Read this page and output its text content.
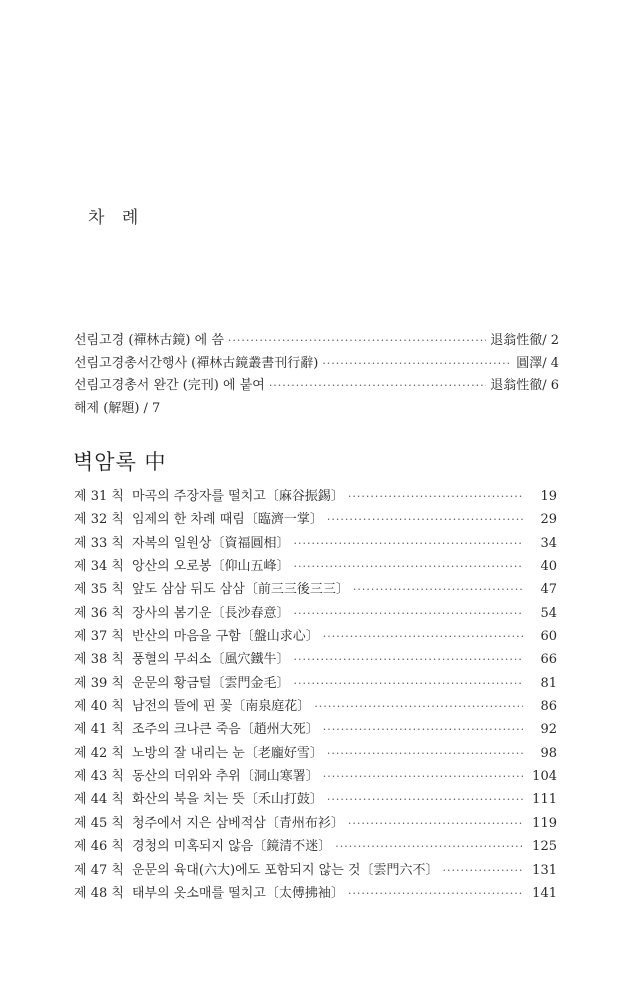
차 례
선림고경 (禪林古鏡) 에 씀 ·····	退翁性徹/ 2
선림고경총서간행사 (禪林古鏡叢書刊行辭) ·····	圓澤/ 4
선림고경총서 완간 (完刊) 에 붙여 ·····	退翁性徹/ 6
해제 (解題) / 7
벽암록 中
제 31 칙 마곡의 주장자를 떨치고〔麻谷振錫〕 ·····	19
제 32 칙 임제의 한 차례 때림〔臨濟一掌〕 ·····	29
제 33 칙 자복의 일원상〔資福圓相〕 ·····	34
제 34 칙 앙산의 오로봉〔仰山五峰〕 ·····	40
제 35 칙 앞도 삼삼 뒤도 삼삼〔前三三後三三〕 ·····	47
제 36 칙 장사의 봄기운〔長沙春意〕 ·····	54
제 37 칙 반산의 마음을 구함〔盤山求心〕 ·····	60
제 38 칙 풍혈의 무쇠소〔風穴鐵牛〕 ·····	66
제 39 칙 운문의 황금털〔雲門金毛〕 ·····	81
제 40 칙 남전의 뜰에 핀 꽃〔南泉庭花〕 ·····	86
제 41 칙 조주의 크나큰 죽음〔趙州大死〕 ·····	92
제 42 칙 노방의 잘 내리는 눈〔老龐好雪〕 ·····	98
제 43 칙 동산의 더위와 추위〔洞山寒署〕 ·····	104
제 44 칙 화산의 북을 치는 뜻〔禾山打鼓〕 ·····	111
제 45 칙 청주에서 지은 삼베적삼〔青州布衫〕 ·····	119
제 46 칙 경청의 미혹되지 않음〔鏡清不迷〕 ·····	125
제 47 칙 운문의 육대(六大)에도 포함되지 않는 것〔雲門六不〕 ·····	131
제 48 칙 태부의 옷소매를 떨치고〔太傅拂袖〕 ·····	141
